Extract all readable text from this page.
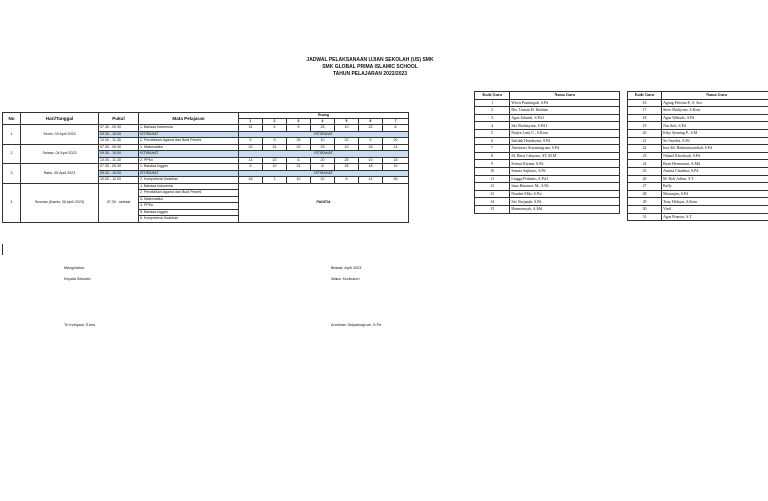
JADWAL PELAKSANAAN UJIAN SEKOLAH (US) SMK
SMK GLOBAL PRIMA ISLAMIC SCHOOL
TAHUN PELAJARAN 2022/2023
No	Hari/Tanggal	Pukul	Mata Pelajaran	Ruang						
				1	2	3	4	5	6	7
1	Senin, 03 April 2023	07.30 - 09.30	1. Bahasa Indonesia	31	5	9	25	10	22	6
		09.30 - 10.00	ISTIRAHAT	ISTIRAHAT						
		10.00 - 11.30	2. Pendidikan Agama dan Budi Pekerti	5	9	25	10	22	6	20
2	Selasa, 04 April 2023	07.30 - 09.30	1. Matematika	22	31	20	25	10	18	14
		09.30 - 10.00	ISTIRAHAT	ISTIRAHAT						
		10.00 - 11.30	2. PPKn	14	22	6	20	25	10	18
3	Rabu, 05 April 2023	07.30 - 09.30	1. Bahasa Inggris	5	10	31	6	26	18	19
		09.30 - 10.00	ISTIRAHAT	ISTIRAHAT						
		10.00 - 12.00	2. Kompetensi Keahlian	18	1	10	20	6	14	26
4	Susulan (Kamis, 06 April 2023)	07.30 - selesai	1. Bahasa Indonesia	PANITIA						
			2. Pendidikan Agama dan Budi Pekerti							
			3. Matematika							
			4. PPKn							
			5. Bahasa Inggris							
			6. Kompetensi Keahlian							
Kode Guru	Nama Guru		Kode Guru	Nama Guru
1	Wiwit Pranitaguli, S.Pd		16	Agung Febrian P., S. Sos
2	Drs. Usman H. Ibrahim		17	Sireo Hadiyono, S.Kom
3	Agus Juhaedi, S.Pd.I		18	Agus Wahudo, S.Pd
4	Siti Nurhasyani, S.Pd.I		19	Nur Sufi, S.Pd
5	Nadya Lady C., S.Kom		20	Kiky Ayuning P., S.M
6	Saifdah Handayani, S.Pd		21	Sri Sayekti, S.Pd
7	Arminrari Setyaningrum, S.Pd		22	Ima Siti Halimatusyadiah, S.Pd
8	M. Haris Cahyono, ST, M.M		23	Nabael Khoiriyah, S.Pd
9	Sriinur Riyana, S.Pd		24	Ryan Hermawan, A.Md
10	Sonnia Sujiharo, S.Pd		25	Annisa Claudina, S.Pd
11	Lingga Prihanto, S.Pd.I		26	M. Rofi Aditas, S.T
12	Irma Rimanov M., S.Pd		27	Rafly
13	Nanden Mila, S.Psi		28	Mustaqim, S.Pd
14	Siti Nurjanah, S.Pd		29	Tony Hidayat, S.Kom
15	Harmansyah, A.Md		30	Vinil
			31	Agus Pranoto, S.T
Mengetahui,
Kepala Sekolah
Tri Indriyani, S.kes
Bekasi, April 2023
Waka. Kurikulum
Arminrari Setyaningrum, S.Pd
